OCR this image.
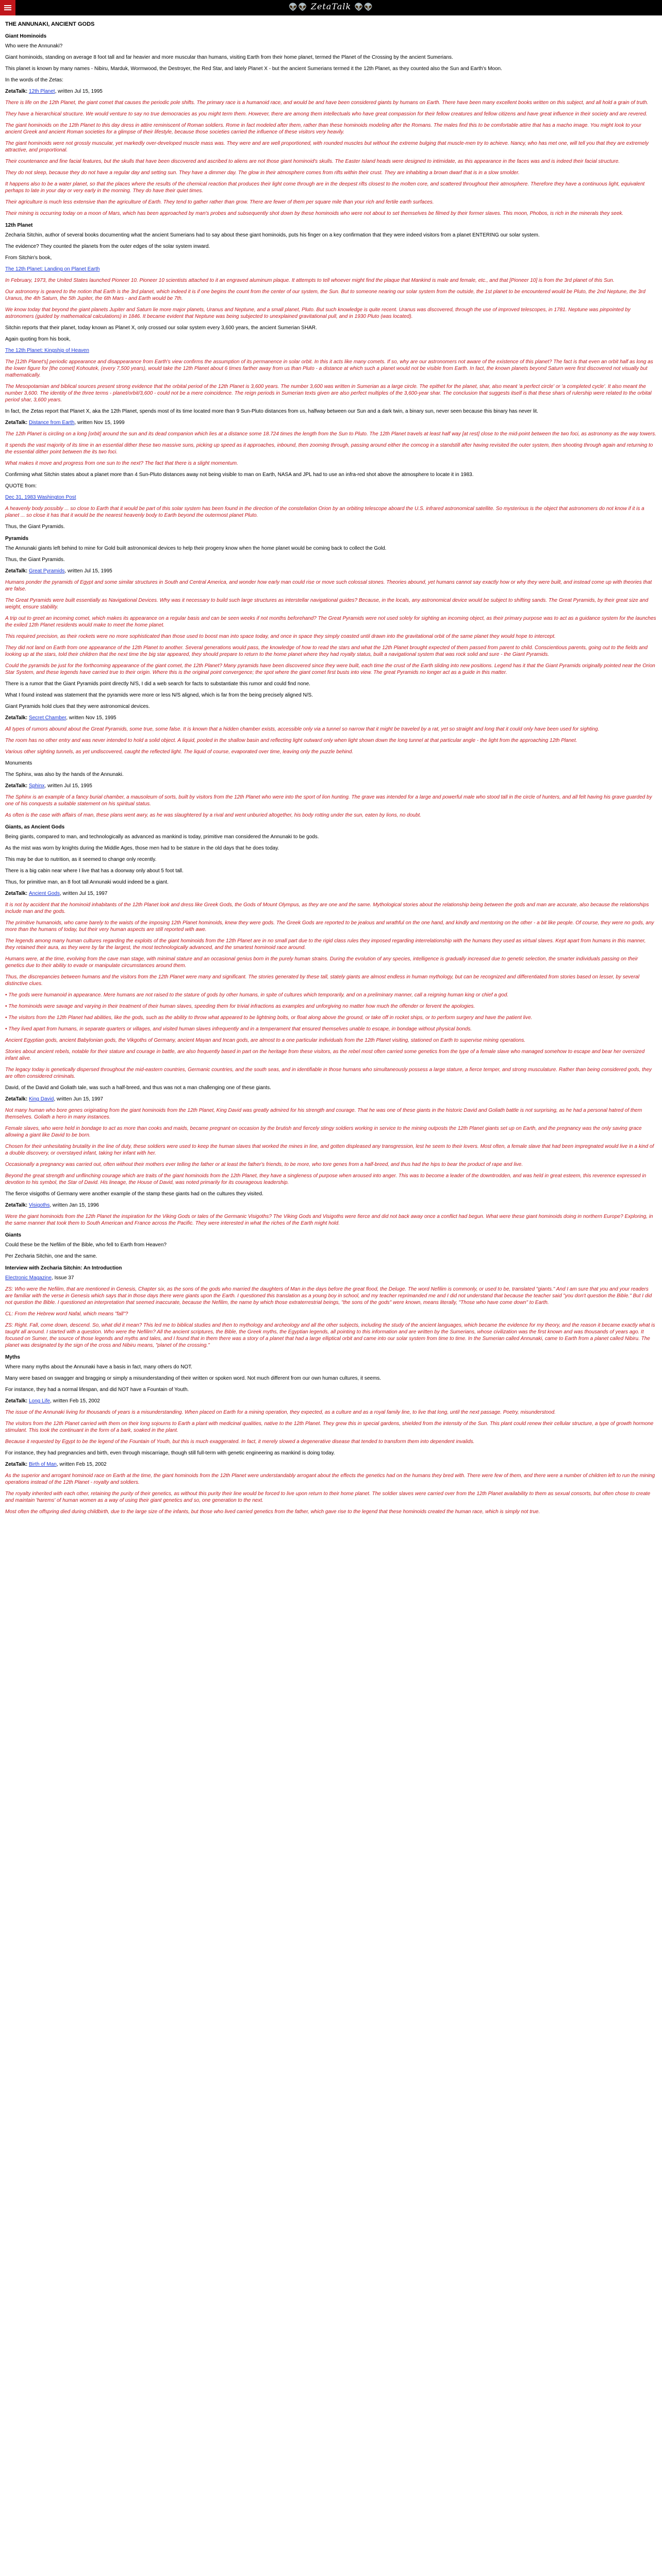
👽👽 ZetaTalk 👽👽
THE ANNUNAKI, ANCIENT GODS
Giant Hominoids

Who were the Annunaki?

Giant hominoids, standing on average 8 foot tall and far heavier and more muscular than humans, visiting Earth from their home planet, termed the Planet of the Crossing by the ancient Sumerians.

This planet is known by many names - Nibiru, Marduk, Wormwood, the Destroyer, the Red Star, and lately Planet X - but the ancient Sumerians termed it the 12th Planet, as they counted also the Sun and Earth's Moon.

In the words of the Zetas:

ZetaTalk: 12th Planet, written Jul 15, 1995

There is life on the 12th Planet, the giant comet that causes the periodic pole shifts. The primary race is a humanoid race, and would be and have been considered giants by humans on Earth. There have been many excellent books written on this subject, and all hold a grain of truth.

They have a hierarchical structure. We would venture to say no true democracies as you might term them. However, there are among them intellectuals who have great compassion for their fellow creatures and fellow citizens and have great influence in their society and are revered.

The giant hominoids on the 12th Planet to this day dress in attire reminiscent of Roman soldiers. Rome in fact modeled after them, rather than these hominoids modeling after the Romans. The males find this to be comfortable attire that has a macho image. You might look to your ancient Greek and ancient Roman societies for a glimpse of their lifestyle, because those societies carried the influence of these visitors very heavily.

The giant hominoids were not grossly muscular, yet markedly over-developed muscle mass was. They were and are well proportioned, with rounded muscles but without the extreme bulging that muscle-men try to achieve. Nancy, who has met one, will tell you that they are extremely attractive, and proportional.

Their countenance and fine facial features, but the skulls that have been discovered and ascribed to aliens are not those giant hominoid's skulls. The Easter Island heads were designed to intimidate, as this appearance in the faces was and is indeed their facial structure.

They do not sleep, because they do not have a regular day and setting sun. They have a dimmer day. The glow in their atmosphere comes from rifts within their crust. They are inhabiting a brown dwarf that is in a slow smolder.

It happens also to be a water planet, so that the places where the results of the chemical reaction that produces their light come through are in the deepest rifts closest to the molten core, and scattered throughout their atmosphere. Therefore they have a continuous light, equivalent perhaps to late in your day or very early in the morning. They do have their quiet times.

Their agriculture is much less extensive than the agriculture of Earth. They tend to gather rather than grow. There are fewer of them per square mile than your rich and fertile earth surfaces.

Their mining is occurring today on a moon of Mars, which has been approached by man's probes and subsequently shot down by these hominoids who were not about to set themselves be filmed by their former slaves. This moon, Phobos, is rich in the minerals they seek.

12th Planet

Zecharia Sitchin, author of several books documenting what the ancient Sumerians had to say about these giant hominoids, puts his finger on a key confirmation that they were indeed visitors from a planet ENTERING our solar system.

The evidence? They counted the planets from the outer edges of the solar system inward.

From Sitchin's book,

The 12th Planet: Landing on Planet Earth

In February, 1973, the United States launched Pioneer 10. Pioneer 10 scientists attached to it an engraved aluminum plaque. It attempts to tell whoever might find the plaque that Mankind is male and female, etc., and that [Pioneer 10] is from the 3rd planet of this Sun.

Our astronomy is geared to the notion that Earth is the 3rd planet, which indeed it is if one begins the count from the center of our system, the Sun. But to someone nearing our solar system from the outside, the 1st planet to be encountered would be Pluto, the 2nd Neptune, the 3rd Uranus, the 4th Saturn, the 5th Jupiter, the 6th Mars - and Earth would be 7th.

We know today that beyond the giant planets Jupiter and Saturn lie more major planets, Uranus and Neptune, and a small planet, Pluto. But such knowledge is quite recent. Uranus was discovered, through the use of improved telescopes, in 1781. Neptune was pinpointed by astronomers (guided by mathematical calculations) in 1846. It became evident that Neptune was being subjected to unexplained gravitational pull, and in 1930 Pluto (was located).

Sitchin reports that their planet, today known as Planet X, only crossed our solar system every 3,600 years, the ancient Sumerian SHAR.

Again quoting from his book,

The 12th Planet: Kingship of Heaven

The [12th Planet's] periodic appearance and disappearance from Earth's view confirms the assumption of its permanence in solar orbit. In this it acts like many comets. If so, why are our astronomers not aware of the existence of this planet? The fact is that even an orbit half as long as the lower figure for [the comet] Kohoutek, (every 7,500 years), would take the 12th Planet about 6 times farther away from us than Pluto - a distance at which such a planet would not be visible from Earth. In fact, the known planets beyond Saturn were first discovered not visually but mathematically.

The Mesopotamian and biblical sources present strong evidence that the orbital period of the 12th Planet is 3,600 years. The number 3,600 was written in Sumerian as a large circle. The epithet for the planet, shar, also meant 'a perfect circle' or 'a completed cycle'. It also meant the number 3,600. The identity of the three terms - planet/orbit/3,600 - could not be a mere coincidence. The reign periods in Sumerian texts given are also perfect multiples of the 3,600-year shar. The conclusion that suggests itself is that these shars of rulership were related to the orbital period shar, 3,600 years.

In fact, the Zetas report that Planet X, aka the 12th Planet, spends most of its time located more than 9 Sun-Pluto distances from us, halfway between our Sun and a dark twin, a binary sun, never seen because this binary has never lit.

ZetaTalk: Distance from Earth, written Nov 15, 1999

The 12th Planet is circling on a long [orbit] around the sun and its dead companion which lies at a distance some 18.724 times the length from the Sun to Pluto. The 12th Planet travels at least half way [at rest] close to the mid-point between the two foci, as astronomy as the way towers.

It spends the vast majority of its time in an essential dither these two massive suns, picking up speed as it approaches, inbound, then zooming through, passing around either the comcog in a standstill after having revisited the outer system, then shooting through again and returning to the essential dither point between the its two foci.

What makes it move and progress from one sun to the next? The fact that there is a slight momentum.

Confirming what Sitchin states about a planet more than 4 Sun-Pluto distances away not being visible to man on Earth, NASA and JPL had to use an infra-red shot above the atmosphere to locate it in 1983.

QUOTE from:

Dec 31, 1983 Washington Post

A heavenly body possibly ... so close to Earth that it would be part of this solar system has been found in the direction of the constellation Orion by an orbiting telescope aboard the U.S. infrared astronomical satellite. So mysterious is the object that astronomers do not know if it is a planet ... so close it has that it would be the nearest heavenly body to Earth beyond the outermost planet Pluto.

Thus, the Giant Pyramids.

Pyramids

The Annunaki giants left behind to mine for Gold built astronomical devices to help their progeny know when the home planet would be coming back to collect the Gold.

Thus, the Giant Pyramids.

ZetaTalk: Great Pyramids, written Jul 15, 1995

Humans ponder the pyramids of Egypt and some similar structures in South and Central America, and wonder how early man could rise or move such colossal stones. Theories abound, yet humans cannot say exactly how or why they were built, and instead come up with theories that are false.

The Great Pyramids were built essentially as Navigational Devices. Why was it necessary to build such large structures as interstellar navigational guides? Because, in the locals, any astronomical device would be subject to shifting sands. The Great Pyramids, by their great size and weight, ensure stability.

A trip out to greet an incoming comet, which makes its appearance on a regular basis and can be seen weeks if not months beforehand? The Great Pyramids were not used solely for sighting an incoming object, as their primary purpose was to act as a guidance system for the launches the exiled 12th Planet residents would make to meet the home planet.

This required precision, as their rockets were no more sophisticated than those used to boost man into space today, and once in space they simply coasted until drawn into the gravitational orbit of the same planet they would hope to intercept.

They did not land on Earth from one appearance of the 12th Planet to another. Several generations would pass, the knowledge of how to read the stars and what the 12th Planet brought expected of them passed from parent to child. Conscientious parents, going out to the fields and looking up at the stars, told their children that the next time the big star appeared, they should prepare to return to the home planet where they had royalty status, built a navigational system that was rock solid and sure - the Giant Pyramids.

Could the pyramids be just for the forthcoming appearance of the giant comet, the 12th Planet? Many pyramids have been discovered since they were built, each time the crust of the Earth sliding into new positions. Legend has it that the Giant Pyramids originally pointed near the Orion Star System, and these legends have carried true to their origin. Where this is the original point convergence; the spot where the giant comet first busts into view. The great Pyramids no longer act as a guide in this matter.

There is a rumor that the Giant Pyramids point directly N/S, I did a web search for facts to substantiate this rumor and could find none.

What I found instead was statement that the pyramids were more or less N/S aligned, which is far from the being precisely aligned N/S.

Giant Pyramids hold clues that they were astronomical devices.

ZetaTalk: Secret Chamber, written Nov 15, 1995

All types of rumors abound about the Great Pyramids, some true, some false. It is known that a hidden chamber exists, accessible only via a tunnel so narrow that it might be traveled by a rat, yet so straight and long that it could only have been used for sighting.

The room has no other entry and was never intended to hold a solid object. A liquid, pooled in the shallow basin and reflecting light outward only when light shown down the long tunnel at that particular angle - the light from the approaching 12th Planet.

Various other sighting tunnels, as yet undiscovered, caught the reflected light. The liquid of course, evaporated over time, leaving only the puzzle behind.

Monuments

The Sphinx, was also by the hands of the Annunaki.

ZetaTalk: Sphinx, written Jul 15, 1995

The Sphinx is an example of a fancy burial chamber, a mausoleum of sorts, built by visitors from the 12th Planet who were into the sport of lion hunting. The grave was intended for a large and powerful male who stood tall in the circle of hunters, and all felt having his grave guarded by one of his conquests a suitable statement on his spiritual status.

As often is the case with affairs of man, these plans went awry, as he was slaughtered by a rival and went unburied altogether, his body rotting under the sun, eaten by lions, no doubt.

Giants, as Ancient Gods

Being giants, compared to man, and technologically as advanced as mankind is today, primitive man considered the Annunaki to be gods.

As the mist was worn by knights during the Middle Ages, those men had to be stature in the old days that he does today.

This may be due to nutrition, as it seemed to change only recently.

There is a big cabin near where I live that has a doorway only about 5 foot tall.

Thus, for primitive man, an 8 foot tall Annunaki would indeed be a giant.

ZetaTalk: Ancient Gods, written Jul 15, 1997

It is not by accident that the hominoid inhabitants of the 12th Planet look and dress like Greek Gods, the Gods of Mount Olympus, as they are one and the same. Mythological stories about the relationship being between the gods and man are accurate, also because the relationships include man and the gods.

The primitive humanoids, who came barely to the waists of the imposing 12th Planet hominoids, knew they were gods. The Greek Gods are reported to be jealous and wrathful on the one hand, and kindly and mentoring on the other - a bit like people. Of course, they were no gods, any more than the humans of today, but their very human aspects are still reported with awe.

The legends among many human cultures regarding the exploits of the giant hominoids from the 12th Planet are in no small part due to the rigid class rules they imposed regarding interrelationship with the humans they used as virtual slaves. Kept apart from humans in this manner, they retained their aura, as they were by far the largest, the most technologically advanced, and the smartest hominoid race around.

Humans were, at the time, evolving from the cave man stage, with minimal stature and an occasional genius born in the purely human strains. During the evolution of any species, intelligence is gradually increased due to genetic selection, the smarter individuals passing on their genetics due to their ability to evade or manipulate circumstances around them.

Thus, the discrepancies between humans and the visitors from the 12th Planet were many and significant. The stories generated by these tall, stately giants are almost endless in human mythology, but can be recognized and differentiated from stories based on lesser, by several distinctive clues.

• The gods were humanoid in appearance. Mere humans are not raised to the stature of gods by other humans, in spite of cultures which temporarily, and on a preliminary manner, call a reigning human king or chief a god.

• The hominoids were savage and varying in their treatment of their human slaves, speeding them for trivial infractions as examples and unforgiving no matter how much the offender or fervent the apologies.

• The visitors from the 12th Planet had abilities, like the gods, such as the ability to throw what appeared to be lightning bolts, or float along above the ground, or take off in rocket ships, or to perform surgery and have the patient live.

• They lived apart from humans, in separate quarters or villages, and visited human slaves infrequently and in a temperament that ensured themselves unable to escape, in bondage without physical bonds.

Ancient Egyptian gods, ancient Babylonian gods, the Vikgoths of Germany, ancient Mayan and Incan gods, are almost to a one particular individuals from the 12th Planet visiting, stationed on Earth to supervise mining operations.

Stories about ancient rebels, notable for their stature and courage in battle, are also frequently based in part on the heritage from these visitors, as the rebel most often carried some genetics from the type of a female slave who managed somehow to escape and bear her oversized infant alive.

The legacy today is genetically dispersed throughout the mid-eastern countries, Germanic countries, and the south seas, and in identifiable in those humans who simultaneously possess a large stature, a fierce temper, and strong musculature. Rather than being considered gods, they are often considered criminals.

David, of the David and Goliath tale, was such a half-breed, and thus was not a man challenging one of these giants.

ZetaTalk: King David, written Jun 15, 1997

Not many human who bore genes originating from the giant hominoids from the 12th Planet, King David was greatly admired for his strength and courage. That he was one of these giants in the historic David and Goliath battle is not surprising, as he had a personal hatred of them themselves. Goliath a hero in many instances.

Female slaves, who were held in bondage to act as more than cooks and maids, became pregnant on occasion by the brutish and fiercely stingy soldiers working in service to the mining outposts the 12th Planet giants set up on Earth, and the pregnancy was the only saving grace allowing a giant like David to be born.

Chosen for their unhesitating brutality in the line of duty, these soldiers were used to keep the human slaves that worked the mines in line, and gotten displeased any transgression, lest he seem to their lovers. Most often, a female slave that had been impregnated would live in a kind of a double discovery, or overstayed infant, taking her infant with her.

Occasionally a pregnancy was carried out, often without their mothers ever telling the father or at least the father's friends, to be more, who tore genes from a half-breed, and thus had the hips to bear the product of rape and live.

Beyond the great strength and unflinching courage which are traits of the giant hominoids from the 12th Planet, they have a singleness of purpose when aroused into anger. This was to become a leader of the downtrodden, and was held in great esteem, this reverence expressed in devotion to his symbol, the Star of David. His lineage, the House of David, was noted primarily for its courageous leadership.

The fierce visigoths of Germany were another example of the stamp these giants had on the cultures they visited.

ZetaTalk: Visigoths, written Jan 15, 1996

Were the giant hominoids from the 12th Planet the inspiration for the Viking Gods or tales of the Germanic Visigoths? The Viking Gods and Visigoths were fierce and did not back away once a conflict had begun. What were these giant hominoids doing in northern Europe? Exploring, in the same manner that took them to South American and France across the Pacific. They were interested in what the riches of the Earth might hold.

Giants

Could these be the Nefilim of the Bible, who fell to Earth from Heaven?

Per Zecharia Sitchin, one and the same.

Interview with Zecharia Sitchin: An Introduction

Electronic Magazine, Issue 37

ZS: Who were the Nefilim, that are mentioned in Genesis, Chapter six, as the sons of the gods who married the daughters of Man in the days before the great flood, the Deluge. The word Nefilim is commonly, or used to be, translated "giants." And I am sure that you and your readers are familiar with the verse in Genesis which says that in those days there were giants upon the Earth. I questioned this translation as a young boy in school, and my teacher reprimanded me and I did not understand that because the teacher said "you don't question the Bible." But I did not question the Bible. I questioned an interpretation that seemed inaccurate, because the Nefilim, the name by which those extraterrestrial beings, "the sons of the gods" were known, means literally, "Those who have come down" to Earth.

CL: From the Hebrew word Nafal, which means "fall"?

ZS: Right. Fall, come down, descend. So, what did it mean? This led me to biblical studies and then to mythology and archeology and all the other subjects, including the study of the ancient languages, which became the evidence for my theory, and the reason it became exactly what is taught all around. I started with a question. Who were the Nefilim? All the ancient scriptures, the Bible, the Greek myths, the Egyptian legends, all pointing to this information and are written by the Sumerians, whose civilization was the first known and was thousands of years ago. It focused on Sumer, the source of those legends and myths and tales, and I found that in them there was a story of a planet that had a large elliptical orbit and came into our solar system from time to time. In the Sumerian called Annunaki, came to Earth from a planet called Nibiru. The planet was designated by the sign of the cross and Nibiru means, "planet of the crossing."

Myths

Where many myths about the Annunaki have a basis in fact, many others do NOT.

Many were based on swagger and bragging or simply a misunderstanding of their written or spoken word. Not much different from our own human cultures, it seems.

For instance, they had a normal lifespan, and did NOT have a Fountain of Youth.

ZetaTalk: Long Life, written Feb 15, 2002

The issue of the Annunaki living for thousands of years is a misunderstanding. When placed on Earth for a mining operation, they expected, as a culture and as a royal family line, to live that long, until the next passage. Poetry, misunderstood.

The visitors from the 12th Planet carried with them on their long sojourns to Earth a plant with medicinal qualities, native to the 12th Planet. They grew this in special gardens, shielded from the intensity of the Sun. This plant could renew their cellular structure, a type of growth hormone stimulant. This took the continuant in the form of a bark, soaked in the plant.

Because it requested by Egypt to be the legend of the Fountain of Youth, but this is much exaggerated. In fact, it merely slowed a degenerative disease that tended to transform them into dependent invalids.

For instance, they had pregnancies and birth, even through miscarriage, though still full-term with genetic engineering as mankind is doing today.

ZetaTalk: Birth of Man, written Feb 15, 2002

As the superior and arrogant hominoid race on Earth at the time, the giant hominoids from the 12th Planet were understandably arrogant about the effects the genetics had on the humans they bred with. There were few of them, and there were a number of children left to run the mining operations instead of the 12th Planet - royalty and soldiers.

The royalty inherited with each other, retaining the purity of their genetics, as without this purity their line would be forced to live upon return to their home planet. The soldier slaves were carried over from the 12th Planet availability to them as sexual consorts, but often chose to create and maintain 'harems' of human women as a way of using their giant genetics and so, one generation to the next.

Most often the offspring died during childbirth, due to the large size of the infants, but those who lived carried genetics from the father, which gave rise to the legend that these hominoids created the human race, which is simply not true.
